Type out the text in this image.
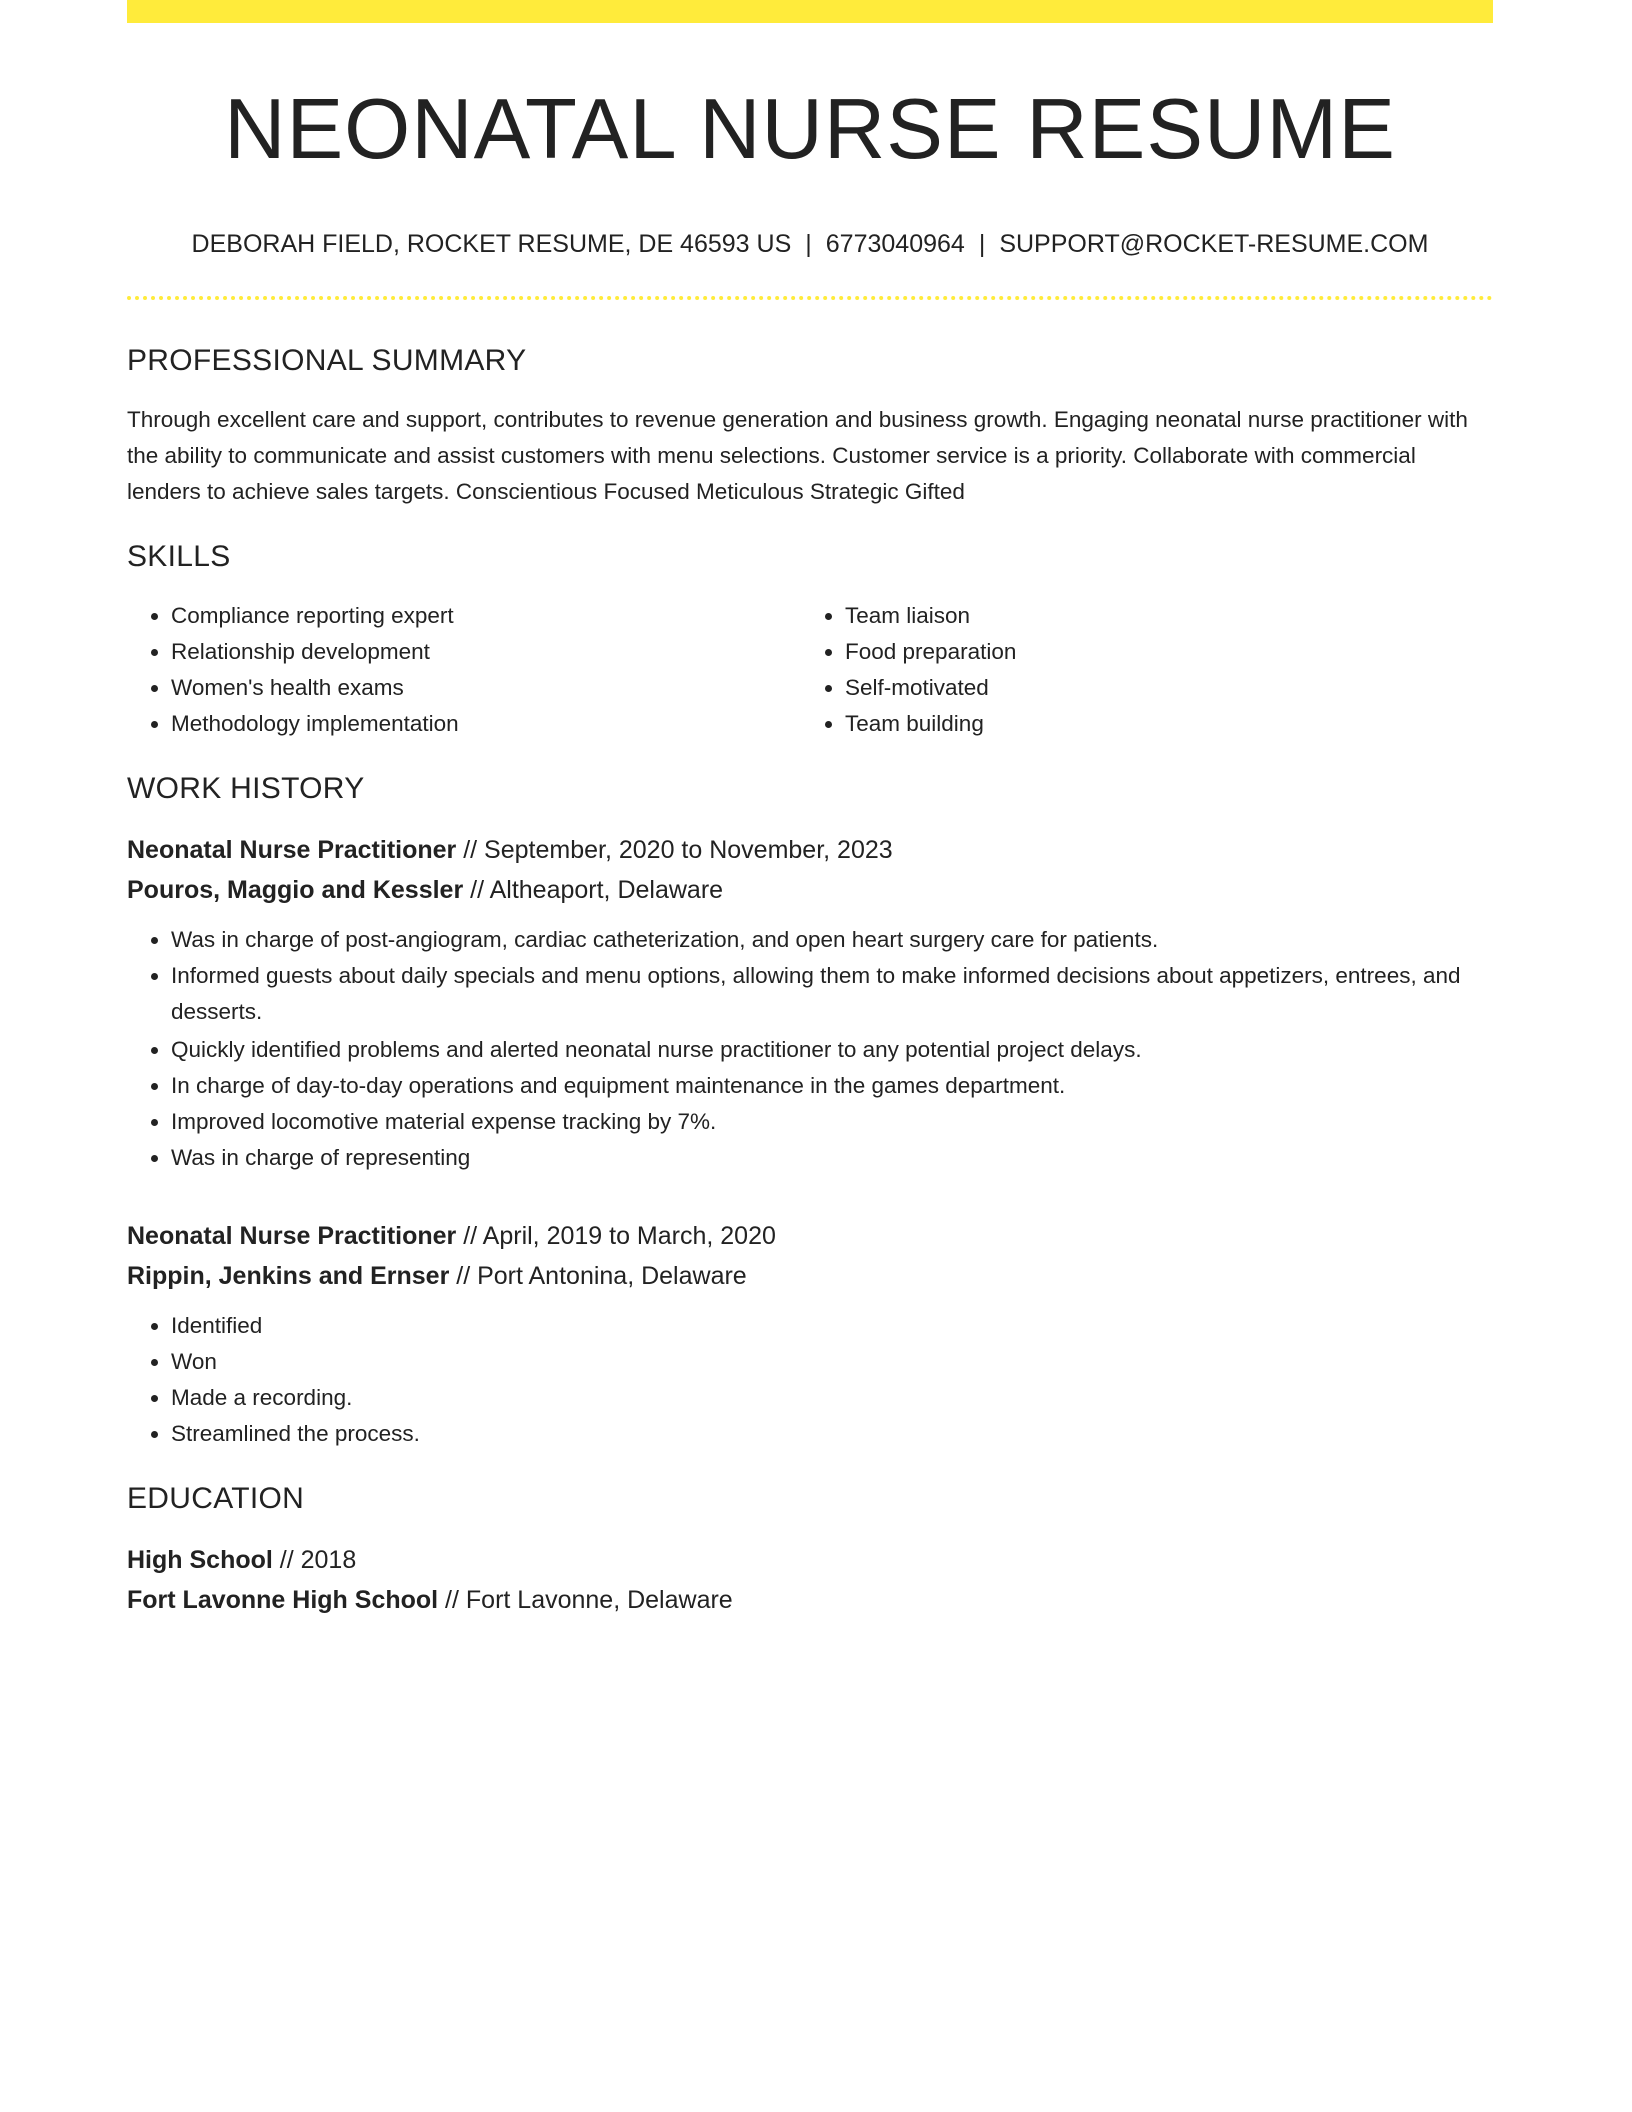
NEONATAL NURSE RESUME
DEBORAH FIELD, ROCKET RESUME, DE 46593 US | 6773040964 | SUPPORT@ROCKET-RESUME.COM
PROFESSIONAL SUMMARY
Through excellent care and support, contributes to revenue generation and business growth. Engaging neonatal nurse practitioner with the ability to communicate and assist customers with menu selections. Customer service is a priority. Collaborate with commercial lenders to achieve sales targets. Conscientious Focused Meticulous Strategic Gifted
SKILLS
• Compliance reporting expert
• Relationship development
• Women's health exams
• Methodology implementation
• Team liaison
• Food preparation
• Self-motivated
• Team building
WORK HISTORY
Neonatal Nurse Practitioner // September, 2020 to November, 2023
Pouros, Maggio and Kessler // Altheaport, Delaware
• Was in charge of post-angiogram, cardiac catheterization, and open heart surgery care for patients.
• Informed guests about daily specials and menu options, allowing them to make informed decisions about appetizers, entrees, and desserts.
• Quickly identified problems and alerted neonatal nurse practitioner to any potential project delays.
• In charge of day-to-day operations and equipment maintenance in the games department.
• Improved locomotive material expense tracking by 7%.
• Was in charge of representing
Neonatal Nurse Practitioner // April, 2019 to March, 2020
Rippin, Jenkins and Ernser // Port Antonina, Delaware
• Identified
• Won
• Made a recording.
• Streamlined the process.
EDUCATION
High School // 2018
Fort Lavonne High School // Fort Lavonne, Delaware
